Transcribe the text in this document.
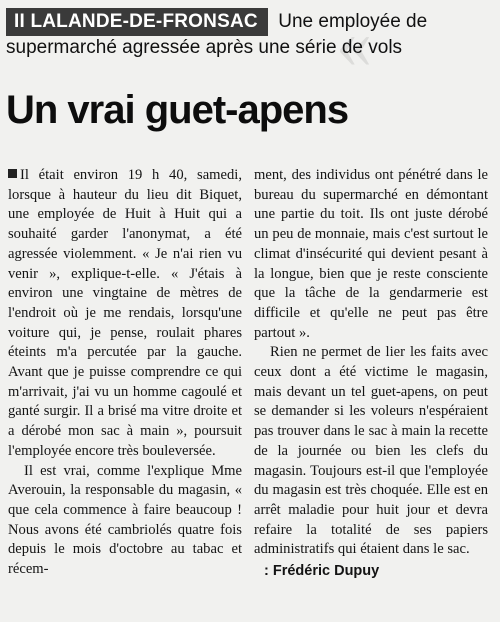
«
II LALANDE-DE-FRONSAC Une employée de supermarché agressée après une série de vols
Un vrai guet-apens

Il était environ 19 h 40, samedi, lorsque à hauteur du lieu dit Biquet, une employée de Huit à Huit qui a souhaité garder l'anonymat, a été agressée violemment. « Je n'ai rien vu venir », explique-t-elle. « J'étais à environ une vingtaine de mètres de l'endroit où je me rendais, lorsqu'une voiture qui, je pense, roulait phares éteints m'a percutée par la gauche. Avant que je puisse comprendre ce qui m'arrivait, j'ai vu un homme cagoulé et ganté surgir. Il a brisé ma vitre droite et a dérobé mon sac à main », poursuit l'employée encore très bouleversée.

Il est vrai, comme l'explique Mme Averouin, la responsable du magasin, « que cela commence à faire beaucoup ! Nous avons été cambriolés quatre fois depuis le mois d'octobre au tabac et récem-

ment, des individus ont pénétré dans le bureau du supermarché en démontant une partie du toit. Ils ont juste dérobé un peu de monnaie, mais c'est surtout le climat d'insécurité qui devient pesant à la longue, bien que je reste consciente que la tâche de la gendarmerie est difficile et qu'elle ne peut pas être partout ».

Rien ne permet de lier les faits avec ceux dont a été victime le magasin, mais devant un tel guet-apens, on peut se demander si les voleurs n'espéraient pas trouver dans le sac à main la recette de la journée ou bien les clefs du magasin. Toujours est-il que l'employée du magasin est très choquée. Elle est en arrêt maladie pour huit jour et devra refaire la totalité de ses papiers administratifs qui étaient dans le sac.

: Frédéric Dupuy
